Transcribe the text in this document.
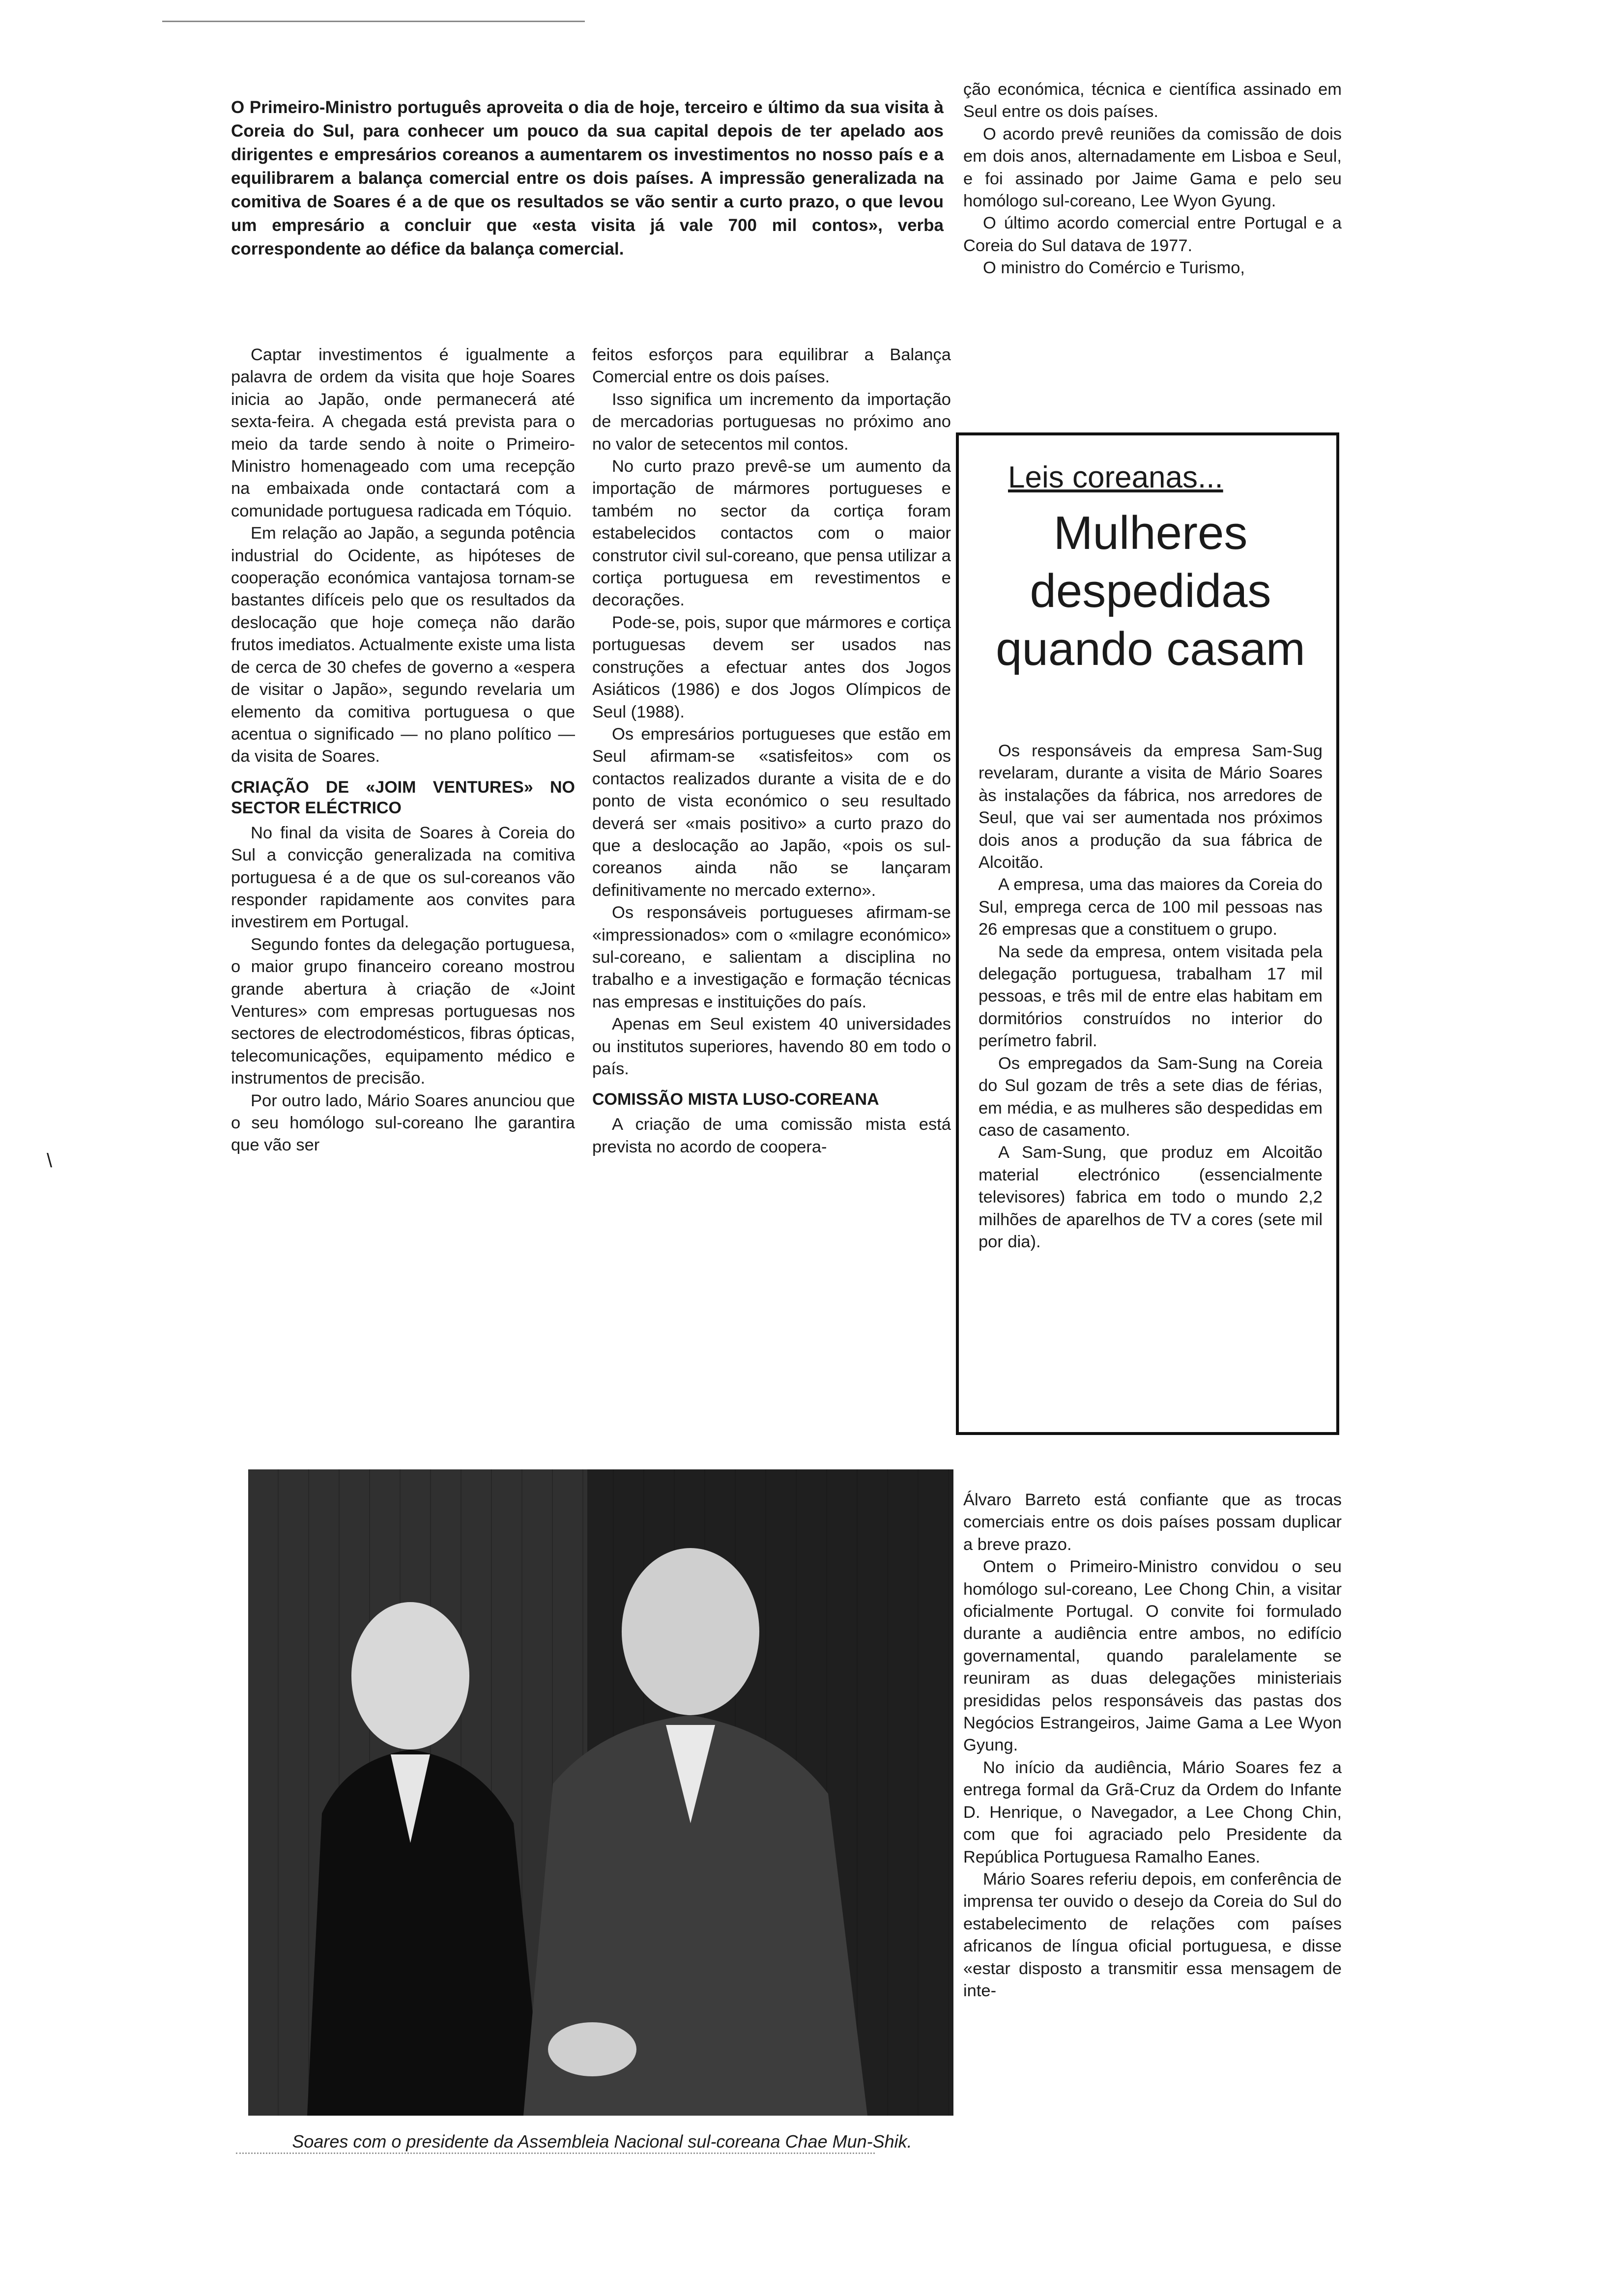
\
O Primeiro-Ministro português aproveita o dia de hoje, terceiro e último da sua visita à Coreia do Sul, para conhecer um pouco da sua capital depois de ter apelado aos dirigentes e empresários coreanos a aumentarem os investimentos no nosso país e a equilibrarem a balança comercial entre os dois países. A impressão generalizada na comitiva de Soares é a de que os resultados se vão sentir a curto prazo, o que levou um empresário a concluir que «esta visita já vale 700 mil contos», verba correspondente ao défice da balança comercial.

Captar investimentos é igualmente a palavra de ordem da visita que hoje Soares inicia ao Japão, onde permanecerá até sexta-feira. A chegada está prevista para o meio da tarde sendo à noite o Primeiro-Ministro homenageado com uma recepção na embaixada onde contactará com a comunidade portuguesa radicada em Tóquio.

Em relação ao Japão, a segunda potência industrial do Ocidente, as hipóteses de cooperação económica vantajosa tornam-se bastantes difíceis pelo que os resultados da deslocação que hoje começa não darão frutos imediatos. Actualmente existe uma lista de cerca de 30 chefes de governo a «espera de visitar o Japão», segundo revelaria um elemento da comitiva portuguesa o que acentua o significado — no plano político — da visita de Soares.

CRIAÇÃO DE «JOIM VENTURES» NO SECTOR ELÉCTRICO

No final da visita de Soares à Coreia do Sul a convicção generalizada na comitiva portuguesa é a de que os sul-coreanos vão responder rapidamente aos convites para investirem em Portugal.

Segundo fontes da delegação portuguesa, o maior grupo financeiro coreano mostrou grande abertura à criação de «Joint Ventures» com empresas portuguesas nos sectores de electrodomésticos, fibras ópticas, telecomunicações, equipamento médico e instrumentos de precisão.

Por outro lado, Mário Soares anunciou que o seu homólogo sul-coreano lhe garantira que vão ser

feitos esforços para equilibrar a Balança Comercial entre os dois países.

Isso significa um incremento da importação de mercadorias portuguesas no próximo ano no valor de setecentos mil contos.

No curto prazo prevê-se um aumento da importação de mármores portugueses e também no sector da cortiça foram estabelecidos contactos com o maior construtor civil sul-coreano, que pensa utilizar a cortiça portuguesa em revestimentos e decorações.

Pode-se, pois, supor que mármores e cortiça portuguesas devem ser usados nas construções a efectuar antes dos Jogos Asiáticos (1986) e dos Jogos Olímpicos de Seul (1988).

Os empresários portugueses que estão em Seul afirmam-se «satisfeitos» com os contactos realizados durante a visita de e do ponto de vista económico o seu resultado deverá ser «mais positivo» a curto prazo do que a deslocação ao Japão, «pois os sul-coreanos ainda não se lançaram definitivamente no mercado externo».

Os responsáveis portugueses afirmam-se «impressionados» com o «milagre económico» sul-coreano, e salientam a disciplina no trabalho e a investigação e formação técnicas nas empresas e instituições do país.

Apenas em Seul existem 40 universidades ou institutos superiores, havendo 80 em todo o país.

COMISSÃO MISTA LUSO-COREANA

A criação de uma comissão mista está prevista no acordo de coopera-

ção económica, técnica e científica assinado em Seul entre os dois países.

O acordo prevê reuniões da comissão de dois em dois anos, alternadamente em Lisboa e Seul, e foi assinado por Jaime Gama e pelo seu homólogo sul-coreano, Lee Wyon Gyung.

O último acordo comercial entre Portugal e a Coreia do Sul datava de 1977.

O ministro do Comércio e Turismo,

Leis coreanas...
Mulheres despedidas quando casam

Os responsáveis da empresa Sam-Sug revelaram, durante a visita de Mário Soares às instalações da fábrica, nos arredores de Seul, que vai ser aumentada nos próximos dois anos a produção da sua fábrica de Alcoitão.

A empresa, uma das maiores da Coreia do Sul, emprega cerca de 100 mil pessoas nas 26 empresas que a constituem o grupo.

Na sede da empresa, ontem visitada pela delegação portuguesa, trabalham 17 mil pessoas, e três mil de entre elas habitam em dormitórios construídos no interior do perímetro fabril.

Os empregados da Sam-Sung na Coreia do Sul gozam de três a sete dias de férias, em média, e as mulheres são despedidas em caso de casamento.

A Sam-Sung, que produz em Alcoitão material electrónico (essencialmente televisores) fabrica em todo o mundo 2,2 milhões de aparelhos de TV a cores (sete mil por dia).

Álvaro Barreto está confiante que as trocas comerciais entre os dois países possam duplicar a breve prazo.

Ontem o Primeiro-Ministro convidou o seu homólogo sul-coreano, Lee Chong Chin, a visitar oficialmente Portugal. O convite foi formulado durante a audiência entre ambos, no edifício governamental, quando paralelamente se reuniram as duas delegações ministeriais presididas pelos responsáveis das pastas dos Negócios Estrangeiros, Jaime Gama a Lee Wyon Gyung.

No início da audiência, Mário Soares fez a entrega formal da Grã-Cruz da Ordem do Infante D. Henrique, o Navegador, a Lee Chong Chin, com que foi agraciado pelo Presidente da República Portuguesa Ramalho Eanes.

Mário Soares referiu depois, em conferência de imprensa ter ouvido o desejo da Coreia do Sul do estabelecimento de relações com países africanos de língua oficial portuguesa, e disse «estar disposto a transmitir essa mensagem de inte-

Soares com o presidente da Assembleia Nacional sul-coreana Chae Mun-Shik.
